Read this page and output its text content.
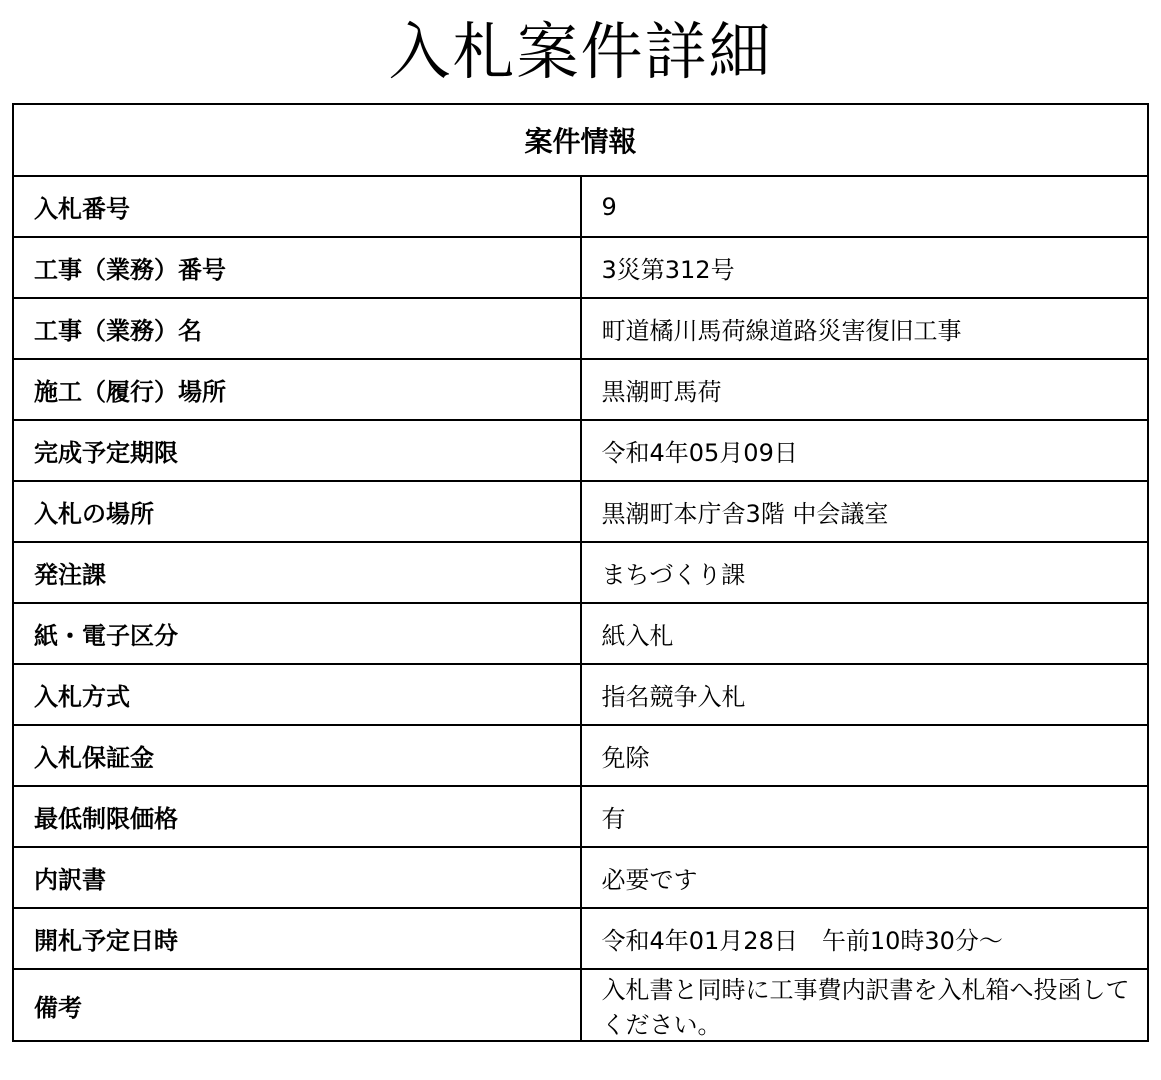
入札案件詳細
案件情報	
入札番号	9
工事（業務）番号	3災第312号
工事（業務）名	町道橘川馬荷線道路災害復旧工事
施工（履行）場所	黒潮町馬荷
完成予定期限	令和4年05月09日
入札の場所	黒潮町本庁舎3階 中会議室
発注課	まちづくり課
紙・電子区分	紙入札
入札方式	指名競争入札
入札保証金	免除
最低制限価格	有
内訳書	必要です
開札予定日時	令和4年01月28日　午前10時30分～
備考	入札書と同時に工事費内訳書を入札箱へ投函してください。
